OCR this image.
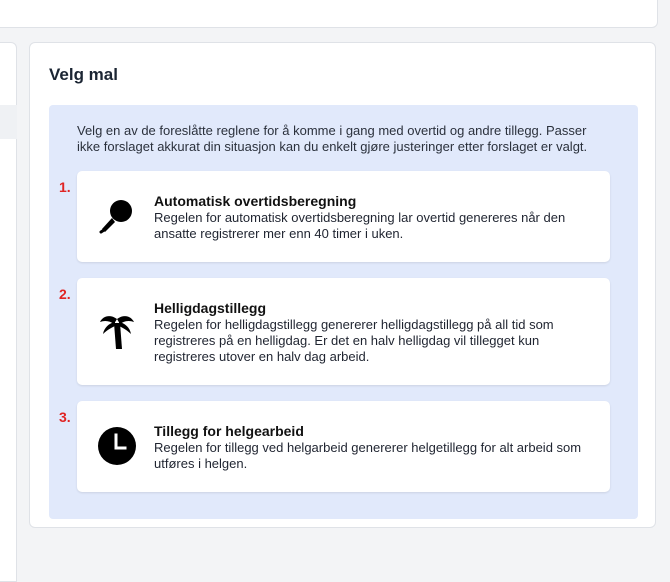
Velg mal
Velg en av de foreslåtte reglene for å komme i gang med overtid og andre tillegg. Passer ikke forslaget akkurat din situasjon kan du enkelt gjøre justeringer etter forslaget er valgt.
1.
Automatisk overtidsberegning
Regelen for automatisk overtidsberegning lar overtid genereres når den ansatte registrerer mer enn 40 timer i uken.
2.
Helligdagstillegg
Regelen for helligdagstillegg genererer helligdagstillegg på all tid som registreres på en helligdag. Er det en halv helligdag vil tillegget kun registreres utover en halv dag arbeid.
3.
Tillegg for helgearbeid
Regelen for tillegg ved helgarbeid genererer helgetillegg for alt arbeid som utføres i helgen.
